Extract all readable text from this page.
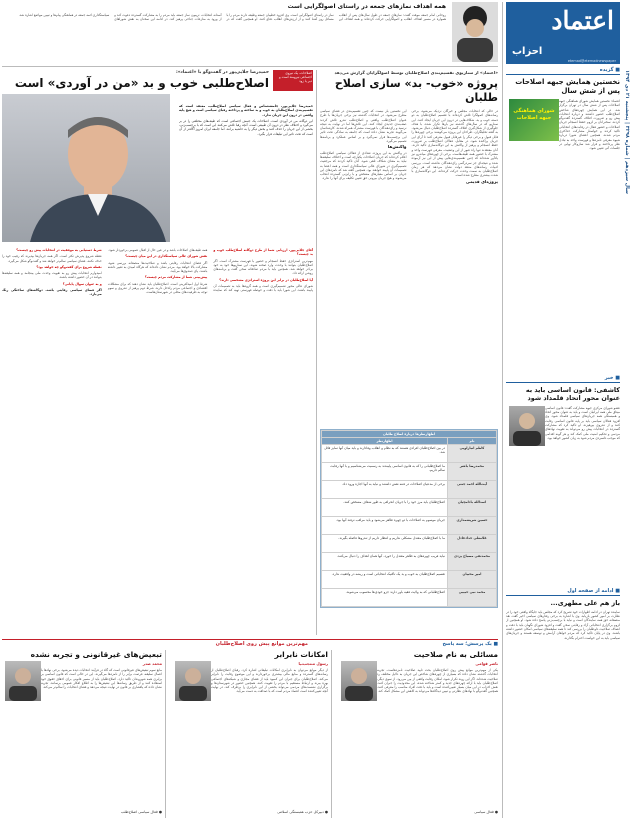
سال سیزدهم | شماره ۳۲۹۸ | پنجشنبه ۲۱ دی ۱۳۹۴
اعتماد
احزاب
etemad@etemadnewspaper
■ گزیده
نخستین همایش جبهه اصلاحات پس از شش سال
شورای هماهنگی جبهه اصلاحات
اعتماد: نخستین همایش شورای هماهنگی جبهه اصلاحات پس از شش سال در تهران برگزار شد. در این همایش چهره‌های شاخص اصلاح‌طلب حضور داشتند و درباره انتخابات پیش رو و ضرورت ائتلاف گسترده گفت‌وگو کردند. سخنرانان بر لزوم حفظ انسجام جریان اصلاحات و حضور فعال در رقابت‌های انتخاباتی تاکید کردند و خواستار مشارکت حداکثری مردم شدند. همچنین اعضای شورا درباره شیوه معرفی نامزدها و فهرست واحد به تبادل نظر پرداختند و قرار شد سازوکار نهایی در جلسات آتی تعیین شود.
■ خبر
کاشفی: قانون اساسی باید به عنوان محور اتحاد قلمداد شود
عضو شورای مرکزی جبهه مشارکت گفت: قانون اساسی میثاق ملی همه ایرانیان است و باید به عنوان محور اتحاد و همبستگی همه جریان‌های سیاسی قلمداد شود. وی افزود فعالان سیاسی باید بر پایه قانون اساسی رقابت کنند و از تندروی بپرهیزند. او تاکید کرد که مشارکت گسترده در انتخابات پیش رو می‌تواند به تقویت نهادهای مردمی و تحکیم امنیت ملی کمک کند و هر گونه اقدامی که موجب دلسردی مردم شود به زیان کشور خواهد بود.
■ ادامه از صفحه اول
باز هم علی مطهری...
نماینده تهران در ادامه اظهارات خود تصریح کرد که مجلس باید جایگاه واقعی خود را در نظارت بر امور کشور بازیابد. وی با اشاره به برخی رفتارهای سیاسی اخیر گفت نقد منصفانه حق همه نمایندگان است و نباید با برچسب‌زنی پاسخ داده شود. او همچنین از لزوم برگزاری انتخاباتی آزاد و رقابتی سخن گفت و افزود شورای نگهبان باید با دقت و انصاف صلاحیت داوطلبان را بررسی کند تا همه سلیقه‌های سیاسی امکان حضور داشته باشند. وی در پایان تاکید کرد که مردم خواهان آرامش و توسعه هستند و جریان‌های سیاسی باید به این خواست احترام بگذارند.
همه اهداف نمازهای جمعه در راستای اصولگرایی است
روحانی امام جمعه موقت گفت: نمازهای جمعه در طول سال‌های پس از انقلاب همواره در مسیر اهداف انقلاب و اصولگرایی حرکت کرده‌اند و همه اهداف این نماز در راستای اصولگرایی است. وی افزود خطیبان جمعه وظیفه دارند مردم را با مسائل روز آشنا کنند و از ارزش‌های انقلاب دفاع کنند. او همچنین گفت که در آستانه انتخابات، تریبون نماز جمعه باید مردم را به مشارکت گسترده دعوت کند و از ورود به منازعات جناحی پرهیز کند. در ادامه این سخنان به نقش شوراهای سیاستگذاری ائمه جمعه در هماهنگی پیام‌ها و تبیین مواضع اشاره شد.
«اعتماد» از سناریوی تقسیم‌بندی اصلاح‌طلبان توسط اصولگرایان گزارش می‌دهد
پروژه «خوب- بد» سازی اصلاح طلبان

در حالی که انتخابات مجلس و خبرگان نزدیک می‌شود، برخی رسانه‌های اصولگرا تلاش کرده‌اند با تقسیم اصلاح‌طلبان به دو دسته خوب و بد، شکاف‌هایی در درون این جریان ایجاد کنند. این سناریو که در سال‌های گذشته نیز بارها تکرار شده، با هدف جلوگیری از شکل‌گیری ائتلاف گسترده اصلاح‌طلبان دنبال می‌شود. به گفته تحلیلگران، طراحان این پروژه می‌کوشند برخی چهره‌ها را قابل قبول و برخی دیگر را غیرقابل قبول معرفی کنند تا آرای این جریان پراکنده شود. در مقابل، فعالان اصلاح‌طلب بر ضرورت حفظ انسجام و پرهیز از واکنش به این دوگانه‌سازی تاکید دارند. آنان معتقدند تنها راه عبور از این وضعیت، معرفی فهرست واحد و مشترک با حضور همه طیف‌هاست. برخی از چهره‌های میانه‌رو نیز یادآور شده‌اند که چنین تقسیم‌بندی‌هایی پیش از این نیز آزموده شده و نتیجه‌ای جز سردرگمی رای‌دهندگان نداشته است. بررسی ادبیات رسانه‌های منتقد دولت نشان می‌دهد که هر زمان اصلاح‌طلبان به سمت وحدت حرکت کرده‌اند، این دوگانه‌سازی با شدت بیشتری مطرح شده است.

پروژه‌ای قدیمی

این نخستین بار نیست که چنین تقسیم‌بندی در فضای سیاسی مطرح می‌شود. در انتخابات گذشته نیز برخی جریان‌ها با طرح عنوان اصلاح‌طلب واقعی و اصلاح‌طلب تندرو تلاش کردند صف‌بندی جدیدی ایجاد کنند. این تلاش‌ها اما در نهایت به نتیجه نرسید و رای‌دهندگان با فهرست مشترک همراه شدند. کارشناسان می‌گویند تجربه نشان داده است که جامعه به سادگی تحت تاثیر این برچسب‌ها قرار نمی‌گیرد و بر اساس عملکرد و برنامه‌ها تصمیم می‌گیرد.

واکنش‌ها

در واکنش به این پروژه، تعدادی از فعالان سیاسی اصلاح‌طلب اعلام کرده‌اند که جریان اصلاحات یکپارچه است و اختلاف سلیقه‌ها نباید به معنای شکاف تلقی شود. آنان تاکید کردند که مرجعیت تصمیم‌گیری در شورای عالی سیاستگذاری است و همه اعضا به تصمیمات آن پایبند خواهند بود. همچنین گفته شد که نامزدهای این جریان بر اساس معیارهای مشخص و با رایزنی گسترده انتخاب می‌شوند و هیچ جریان بیرونی حق تعیین تکلیف برای آنها را ندارد.

اظهارنظرها درباره اصلاح طلبان	
نام	اظهارنظر
کاظم انبارلویی	در بین اصلاح‌طلبان افرادی هستند که به نظام و انقلاب وفادارند و باید میان آنها تمایز قائل شد.
محمدرضا باهنر	ما اصلاح‌طلبانی را که به قانون اساسی پایبندند به رسمیت می‌شناسیم و با آنها رقابت سالم داریم.
آیت‌الله احمد جنتی	برخی از مدعیان اصلاحات در فتنه نقش داشتند و نباید به آنها اجازه ورود داد.
اسدالله بادامچیان	اصلاح‌طلبان باید مرز خود را با جریان انحرافی به طور شفاف مشخص کنند.
حسین شریعتمداری	جریان موسوم به اصلاحات با دو چهره ظاهر می‌شود و باید مراقب ترفند آنها بود.
غلامعلی حدادعادل	ما با اصلاح‌طلبان معتدل مشکلی نداریم و انتظار داریم از تندروها فاصله بگیرند.
محمدتقی مصباح یزدی	نباید فریب چهره‌های به ظاهر معتدل را خورد، آنها همان اهداف را دنبال می‌کنند.
امیر محبیان	تقسیم اصلاح‌طلبان به خوب و بد یک تاکتیک انتخاباتی است و ریشه در واقعیت ندارد.
محمد نبی حبیبی	اصلاح‌طلبانی که به ولایت فقیه باور دارند جزو خودی‌ها محسوب می‌شوند.
حمیدرضا جلایی‌پور در گفت‌وگو با «اعتماد»:
اصلاح‌طلبی خوب و بد «من در آوردی» است
اصلاحات، یک نیروی اجتماعی نیرومند است و دیر یا زود

حمیدرضا جلایی‌پور، جامعه‌شناس و فعال سیاسی اصلاح‌طلب، معتقد است که تقسیم‌بندی اصلاح‌طلبان به خوب و بد ساخته و پرداخته رقبای سیاسی است و هیچ پایه واقعی در درون این جریان ندارد.

این دوگانه من در آوردی است. اصلاحات یک جنبش اجتماعی است که طیف‌های مختلفی را در بر می‌گیرد و اختلاف نظر در درون آن طبیعی است. آنچه رقبا تلاش می‌کنند این است که با برچسب‌زنی، بخشی از این جریان را حذف کنند و بخش دیگر را به حاشیه برانند. اما جامعه ایران امروز آگاه‌تر از آن است که تحت تاثیر این تبلیغات قرار بگیرد.

آقای جلایی‌پور، ارزیابی شما از طرح دوگانه اصلاح‌طلب خوب و بد چیست؟

مهم‌ترین استراتژی حفظ انسجام و حضور با فهرست مشترک است. اگر اصلاح‌طلبان بتوانند با وحدت وارد صحنه شوند، این سناریوها خود به خود بی‌اثر خواهد شد. همچنین باید با مردم صادقانه سخن گفت و برنامه‌های روشن ارائه داد.

آیا اصلاح‌طلبان در برابر این پروژه استراتژی مشخصی دارند؟

شورای عالی محور تصمیم‌گیری است و همه گروه‌ها باید به تصمیمات آن پایبند باشند. این شورا باید با دقت و حوصله فهرستی تهیه کند که نماینده همه طیف‌های اصلاحات باشد و در عین حال از اقبال عمومی برخوردار شود.

نقش شورای عالی سیاستگذاری در این میان چیست؟

اگر فضای انتخابات رقابتی باشد و صلاحیت‌ها منصفانه بررسی شود، مشارکت بالا خواهد بود. مردم نشان داده‌اند که هرگاه امیدی به تغییر داشته باشند، پای صندوق‌ها می‌آیند.

پیش‌بینی شما از مشارکت مردم چیست؟

شرط اول امیدآفرینی است. اصلاح‌طلبان باید نشان دهند که برای مشکلات اقتصادی و اجتماعی مردم راه‌حل دارند. شرط دوم پرهیز از تندروی و سوم توجه به ظرفیت‌های محلی در شهرستان‌هاست.

شرط دستیابی به موفقیت در انتخابات پیش رو چیست؟

نقطه شروع پذیرش تکثر است. اگر همه جریان‌ها بپذیرند که رقیب خود را حذف نکنند، فضای سیاسی سالم‌تر خواهد شد و گفت‌وگو شکل می‌گیرد.

نقطه شروع برای گفت‌وگو چه خواهد بود؟

امیدوارم انتخابات پیش رو به تقویت وحدت ملی بینجامد و همه سلیقه‌ها بتوانند در آن حضور داشته باشند.

و به عنوان سوال پایانی؟

اگر فضای سیاسی رقابتی باشد، دوگانه‌های ساختگی رنگ می‌بازد.

■ یک پرسش؛ سه پاسخ
مهم‌ترین موانع پیش روی اصلاح‌طلبان
مسائلی به نام صلاحیت
ناصر قوامی
یکی از مهم‌ترین موانع پیش روی اصلاح‌طلبان بحث تایید صلاحیت نامزدهاست. تجربه انتخابات گذشته نشان داده که بسیاری از چهره‌های شاخص این جریان به دلایل مختلف رد صلاحیت شده‌اند. اگر این روند تکرار شود، امکان رقابت واقعی از بین می‌رود. از سوی دیگر، اصلاح‌طلبان باید با ارائه چهره‌های جدید و کمتر شناخته شده، این محدودیت را جبران کنند. نقش احزاب در این میان بسیار تعیین‌کننده است و باید با دقت افراد مناسب را معرفی کنند. همچنین گفت‌وگو با نهادهای نظارتی و تبیین دیدگاه‌ها می‌تواند به کاهش این مشکل کمک کند.
● فعال سیاسی
امکانات نابرابر
رسول منتجب‌نیا
از دیگر موانع می‌توان به نابرابری امکانات تبلیغاتی اشاره کرد. رقبای اصلاح‌طلبان از رسانه‌های گسترده و منابع مالی بیشتری برخوردارند و این موضوع رقابت را نابرابر می‌کند. اصلاح‌طلبان برای جبران این کمبود باید از فضای مجازی و شبکه‌های اجتماعی بهره ببرند و ارتباط مستقیم با مردم را تقویت کنند. همچنین حضور در شهرستان‌ها و برگزاری نشست‌های مردمی می‌تواند بخشی از این نابرابری را برطرف کند. در نهایت آنچه تعیین‌کننده است اعتماد مردم است که با صداقت به دست می‌آید.
● دبیرکل حزب همبستگی اسلامی
تبعیض‌های غیرقانونی و تجربه نشده
محمد صدر
مانع سوم تبعیض‌های غیرقانونی است که گاه در فرآیند انتخابات دیده می‌شود. برخی نهادها با اعمال سلیقه، فرصت برابر را از نامزدها می‌گیرند. این در حالی است که قانون اساسی بر برابری همه شهروندان تاکید دارد. اصلاح‌طلبان باید از مسیر قانونی برای احقاق حقوق خود استفاده کنند و از طریق رسانه‌ها این تبعیض‌ها را به اطلاع افکار عمومی برسانند. تجربه نشان داده که پافشاری بر قانون در نهایت نتیجه می‌دهد و فضای انتخابات را سالم‌تر می‌کند.
● فعال سیاسی اصلاح‌طلب
